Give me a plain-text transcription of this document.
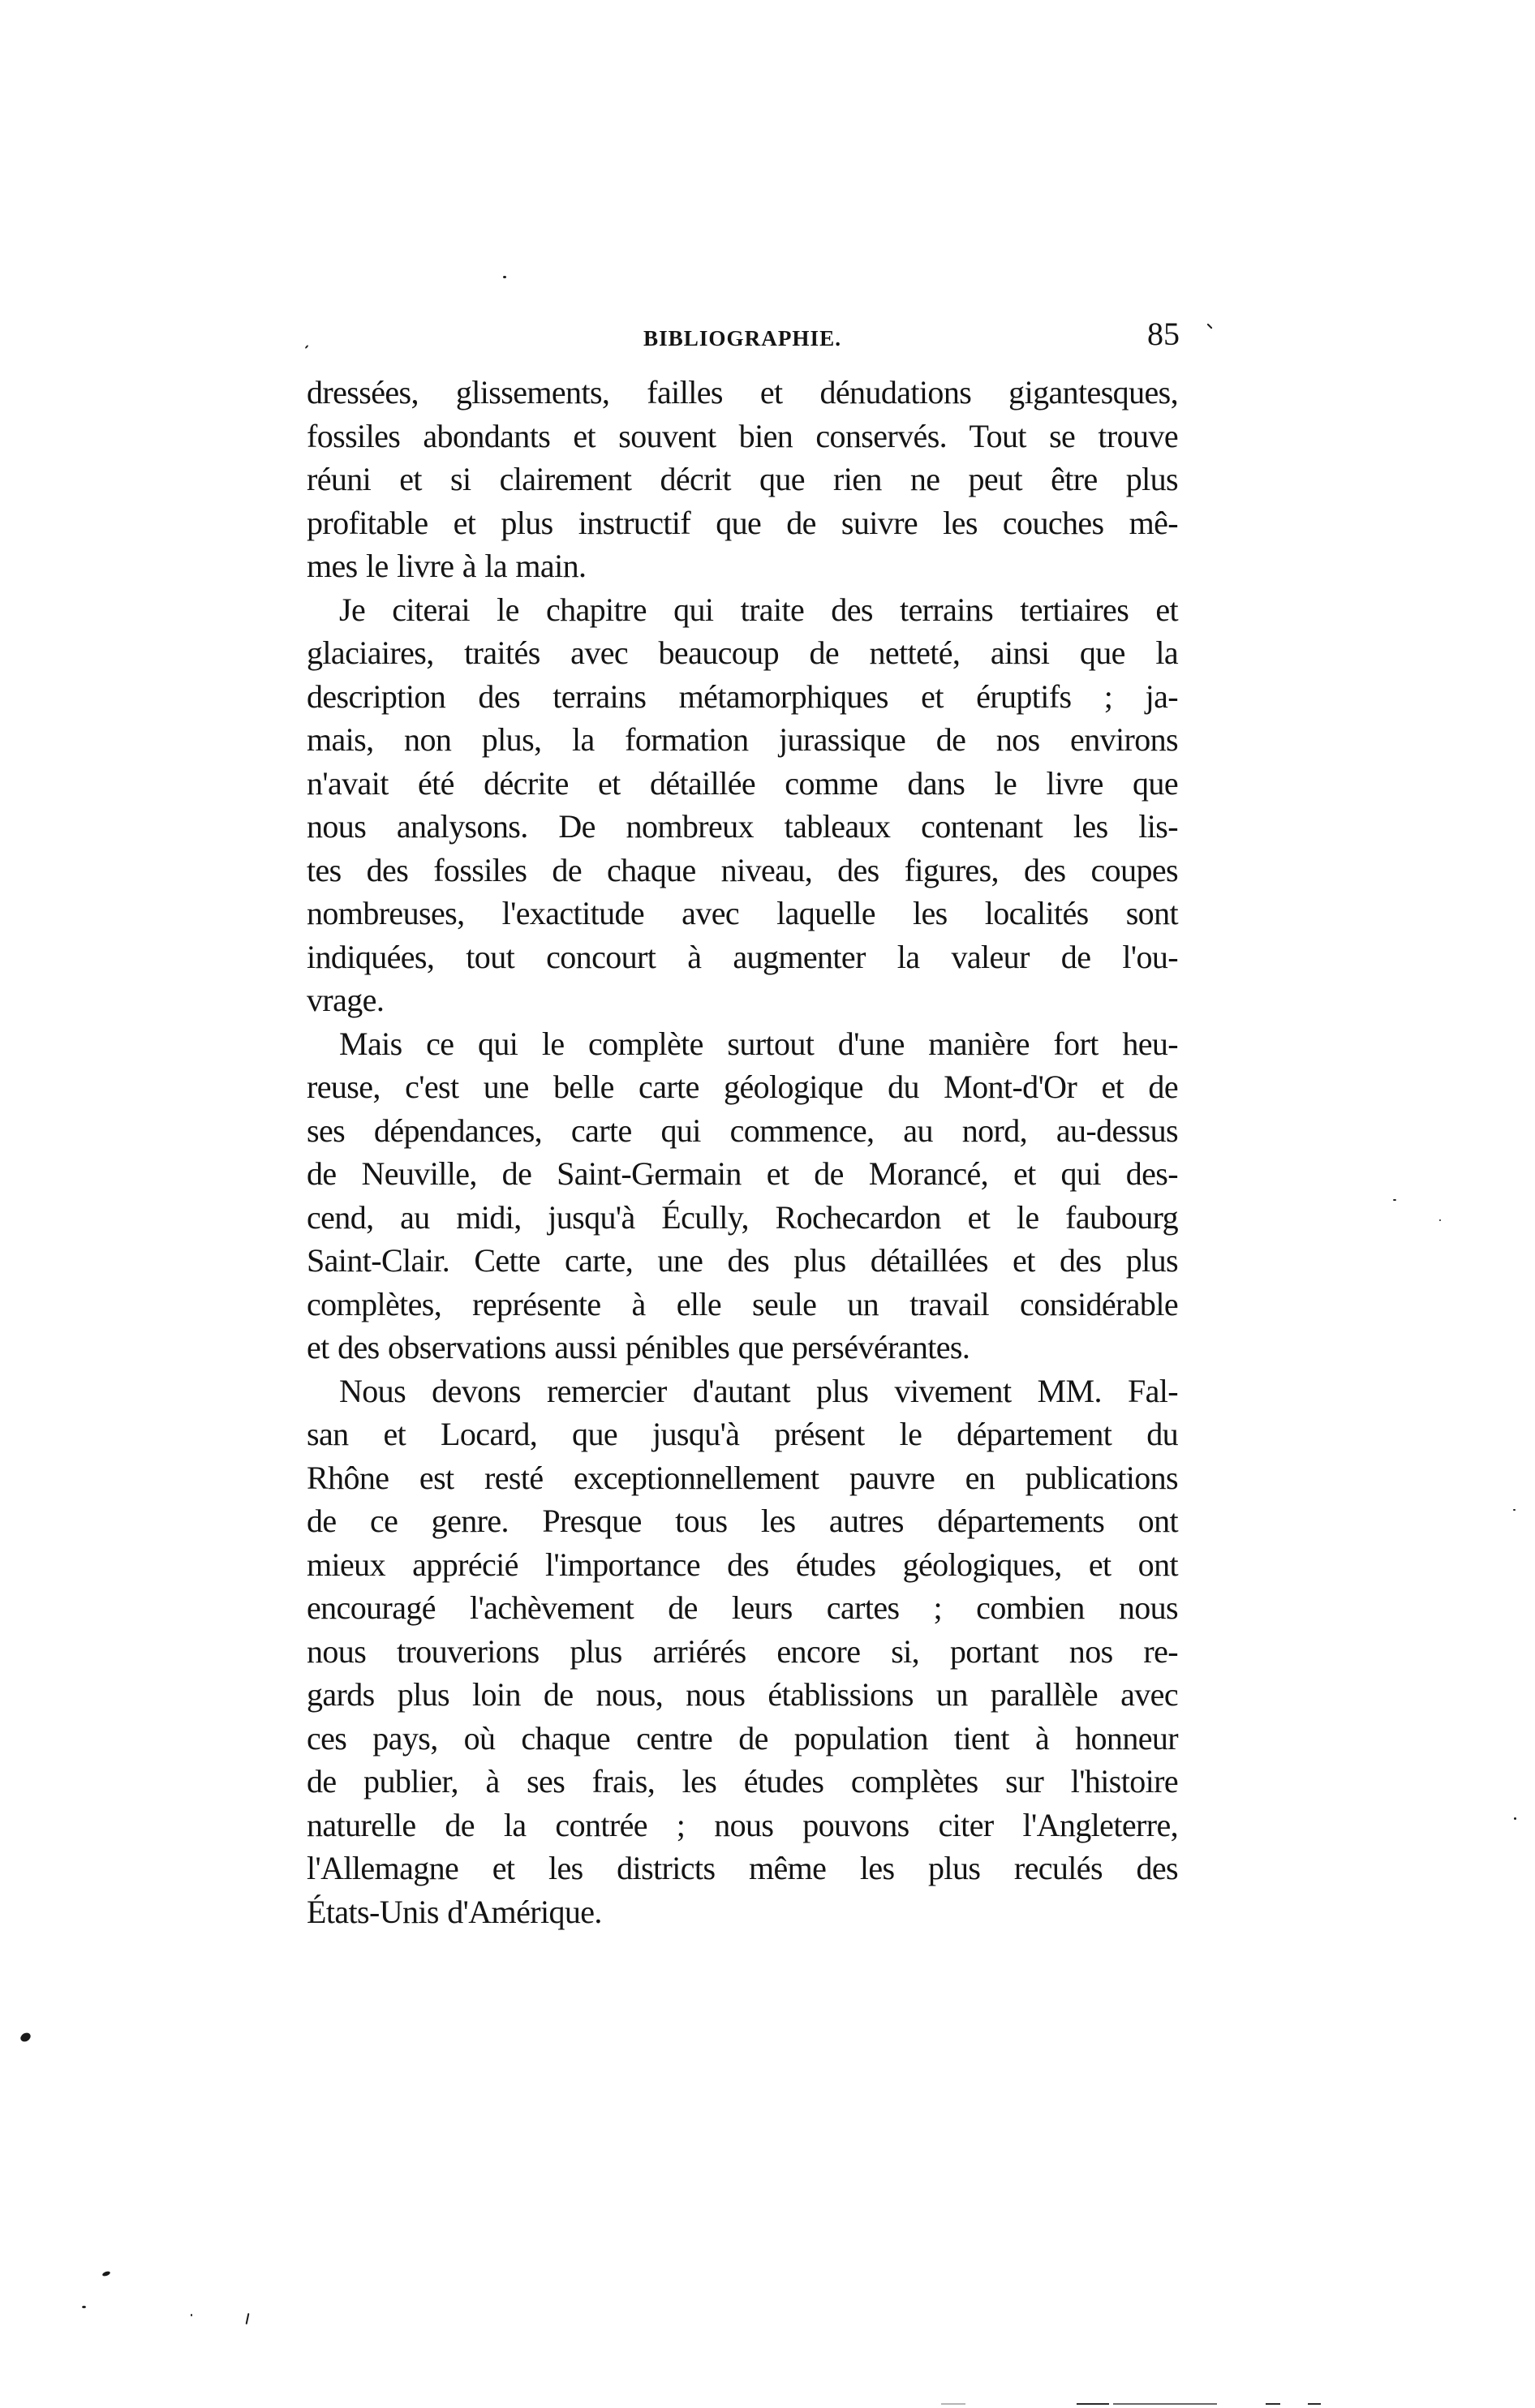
BIBLIOGRAPHIE.	85
dressées, glissements, failles et dénudations gigantesques,
fossiles abondants et souvent bien conservés. Tout se trouve
réuni et si clairement décrit que rien ne peut être plus
profitable et plus instructif que de suivre les couches mê-
mes le livre à la main.
Je citerai le chapitre qui traite des terrains tertiaires et
glaciaires, traités avec beaucoup de netteté, ainsi que la
description des terrains métamorphiques et éruptifs ; ja-
mais, non plus, la formation jurassique de nos environs
n'avait été décrite et détaillée comme dans le livre que
nous analysons. De nombreux tableaux contenant les lis-
tes des fossiles de chaque niveau, des figures, des coupes
nombreuses, l'exactitude avec laquelle les localités sont
indiquées, tout concourt à augmenter la valeur de l'ou-
vrage.
Mais ce qui le complète surtout d'une manière fort heu-
reuse, c'est une belle carte géologique du Mont-d'Or et de
ses dépendances, carte qui commence, au nord, au-dessus
de Neuville, de Saint-Germain et de Morancé, et qui des-
cend, au midi, jusqu'à Écully, Rochecardon et le faubourg
Saint-Clair. Cette carte, une des plus détaillées et des plus
complètes, représente à elle seule un travail considérable
et des observations aussi pénibles que persévérantes.
Nous devons remercier d'autant plus vivement MM. Fal-
san et Locard, que jusqu'à présent le département du
Rhône est resté exceptionnellement pauvre en publications
de ce genre. Presque tous les autres départements ont
mieux apprécié l'importance des études géologiques, et ont
encouragé l'achèvement de leurs cartes ; combien nous
nous trouverions plus arriérés encore si, portant nos re-
gards plus loin de nous, nous établissions un parallèle avec
ces pays, où chaque centre de population tient à honneur
de publier, à ses frais, les études complètes sur l'histoire
naturelle de la contrée ; nous pouvons citer l'Angleterre,
l'Allemagne et les districts même les plus reculés des
États-Unis d'Amérique.
